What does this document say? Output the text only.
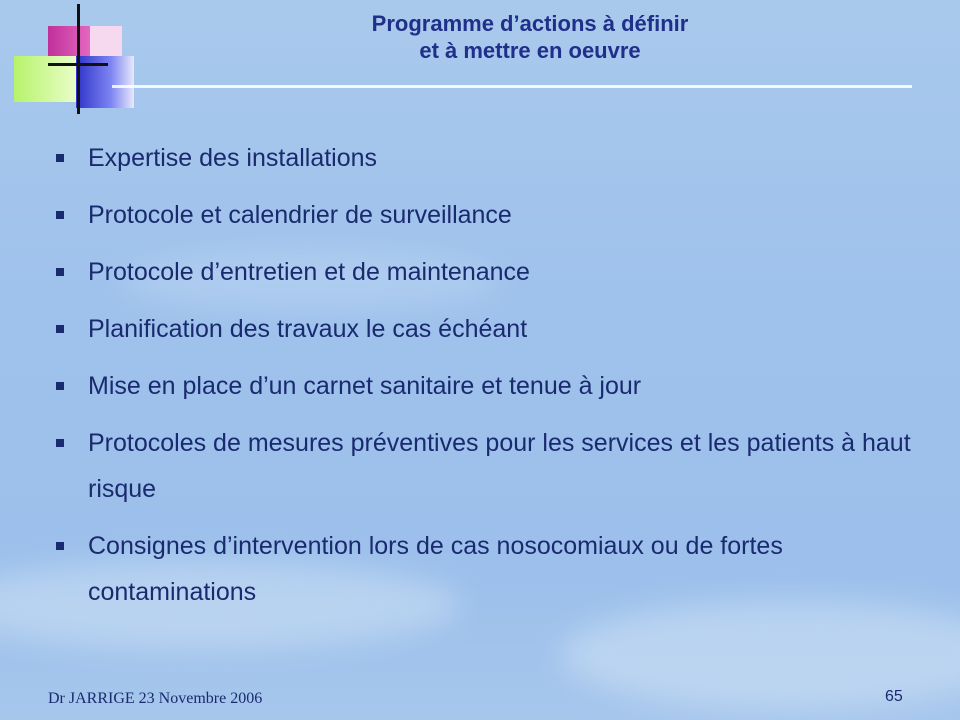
Programme d’actions à définir
et à mettre en oeuvre
Expertise des installations
Protocole et calendrier de surveillance
Protocole d’entretien et de maintenance
Planification des travaux le cas échéant
Mise en place d’un carnet sanitaire et tenue à jour
Protocoles de mesures préventives pour les services et les patients à haut risque
Consignes d’intervention lors de cas nosocomiaux ou de fortes contaminations
Dr JARRIGE 23 Novembre 2006	65
